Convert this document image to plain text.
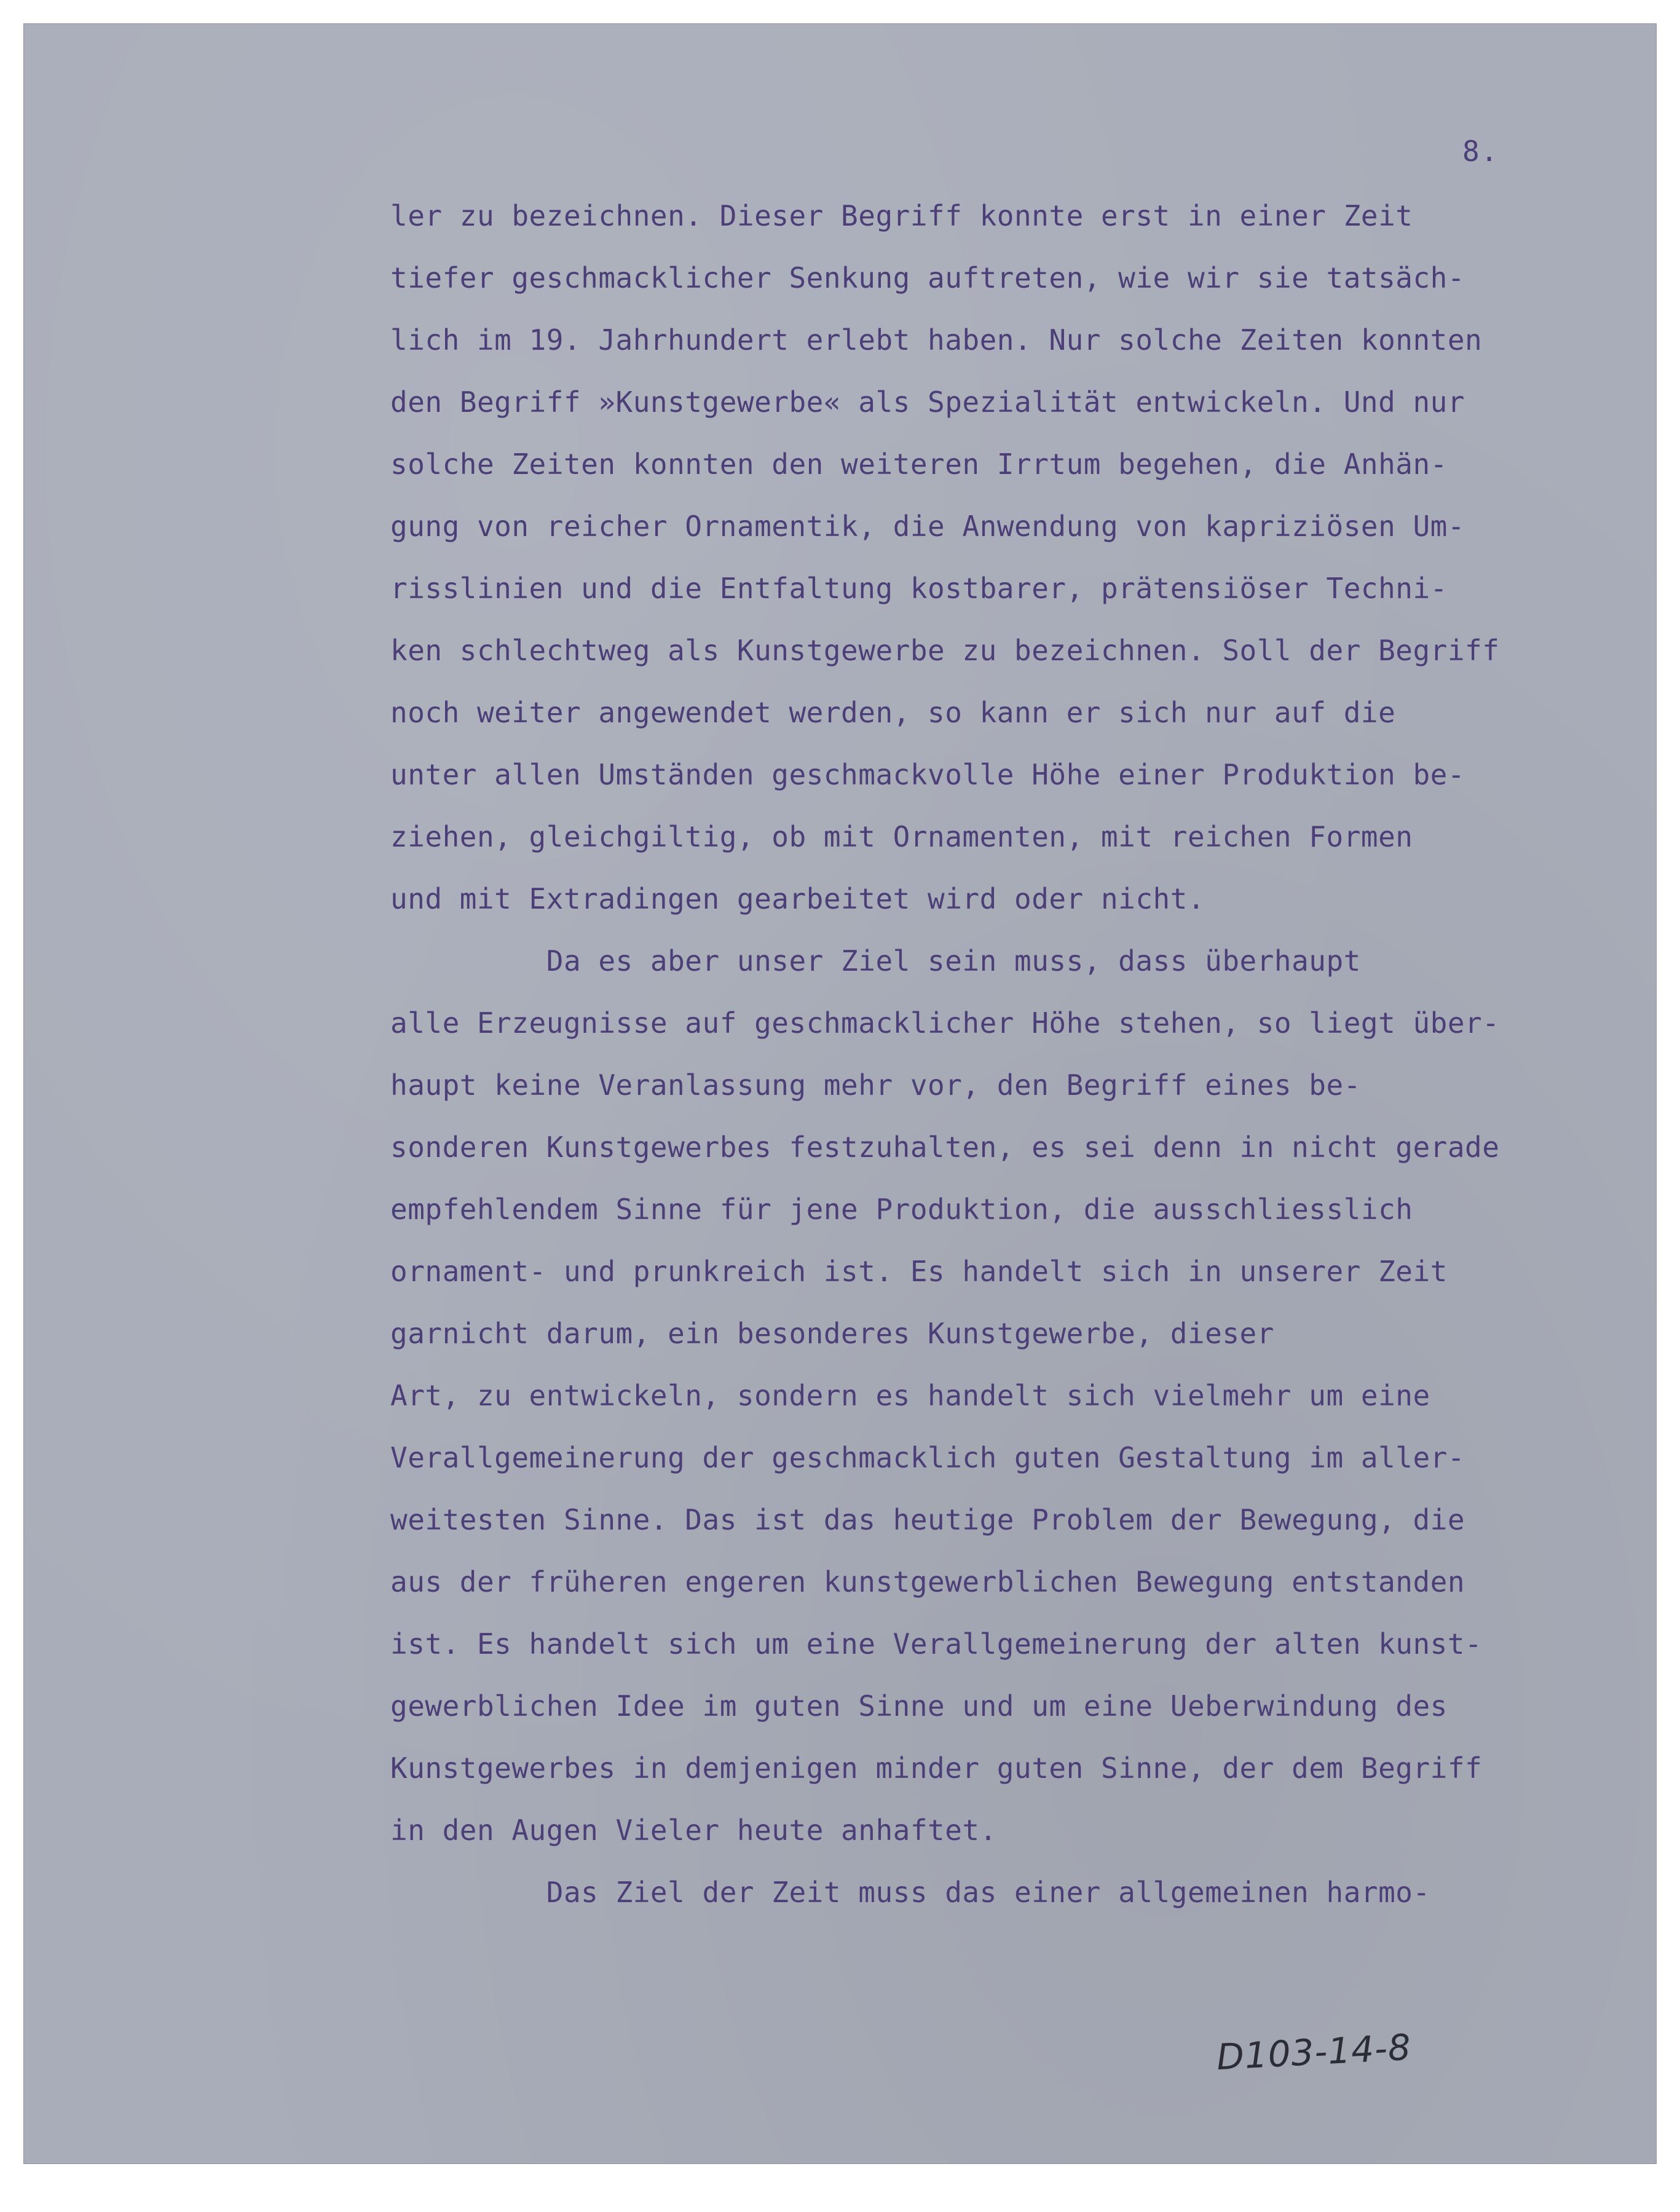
8.
ler zu bezeichnen. Dieser Begriff konnte erst in einer Zeit
tiefer geschmacklicher Senkung auftreten, wie wir sie tatsäch-
lich im 19. Jahrhundert erlebt haben. Nur solche Zeiten konnten
den Begriff »Kunstgewerbe« als Spezialität entwickeln. Und nur
solche Zeiten konnten den weiteren Irrtum begehen, die Anhän-
gung von reicher Ornamentik, die Anwendung von kapriziösen Um-
risslinien und die Entfaltung kostbarer, prätensiöser Techni-
ken schlechtweg als Kunstgewerbe zu bezeichnen. Soll der Begriff
noch weiter angewendet werden, so kann er sich nur auf die
unter allen Umständen geschmackvolle Höhe einer Produktion be-
ziehen, gleichgiltig, ob mit Ornamenten, mit reichen Formen
und mit Extradingen gearbeitet wird oder nicht.
Da es aber unser Ziel sein muss, dass überhaupt
alle Erzeugnisse auf geschmacklicher Höhe stehen, so liegt über-
haupt keine Veranlassung mehr vor, den Begriff eines be-
sonderen Kunstgewerbes festzuhalten, es sei denn in nicht gerade
empfehlendem Sinne für jene Produktion, die ausschliesslich
ornament- und prunkreich ist. Es handelt sich in unserer Zeit
garnicht darum, ein besonderes Kunstgewerbe, dieser
Art, zu entwickeln, sondern es handelt sich vielmehr um eine
Verallgemeinerung der geschmacklich guten Gestaltung im aller-
weitesten Sinne. Das ist das heutige Problem der Bewegung, die
aus der früheren engeren kunstgewerblichen Bewegung entstanden
ist. Es handelt sich um eine Verallgemeinerung der alten kunst-
gewerblichen Idee im guten Sinne und um eine Ueberwindung des
Kunstgewerbes in demjenigen minder guten Sinne, der dem Begriff
in den Augen Vieler heute anhaftet.
Das Ziel der Zeit muss das einer allgemeinen harmo-
D103-14-8
